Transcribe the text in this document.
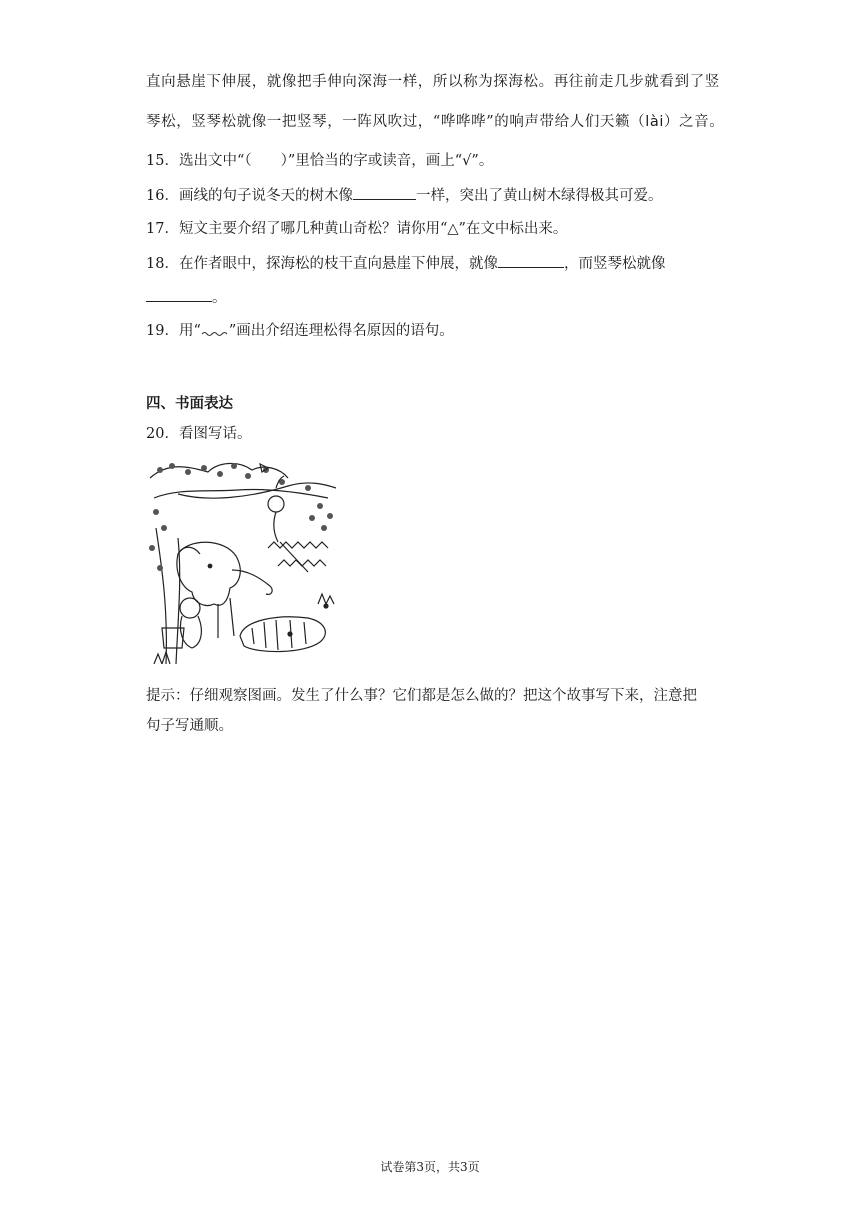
直向悬崖下伸展，就像把手伸向深海一样，所以称为探海松。再往前走几步就看到了竖
琴松，竖琴松就像一把竖琴，一阵风吹过，“哗哗哗”的响声带给人们天籁（lài）之音。
15．选出文中“（　　）”里恰当的字或读音，画上“√”。
16．画线的句子说冬天的树木像	一样，突出了黄山树木绿得极其可爱。
17．短文主要介绍了哪几种黄山奇松？请你用“△”在文中标出来。
18．在作者眼中，探海松的枝干直向悬崖下伸展，就像	，而竖琴松就像
。
19．用“ ”画出介绍连理松得名原因的语句。
四、书面表达
20．看图写话。
提示：仔细观察图画。发生了什么事？它们都是怎么做的？把这个故事写下来，注意把
句子写通顺。
试卷第3页，共3页
